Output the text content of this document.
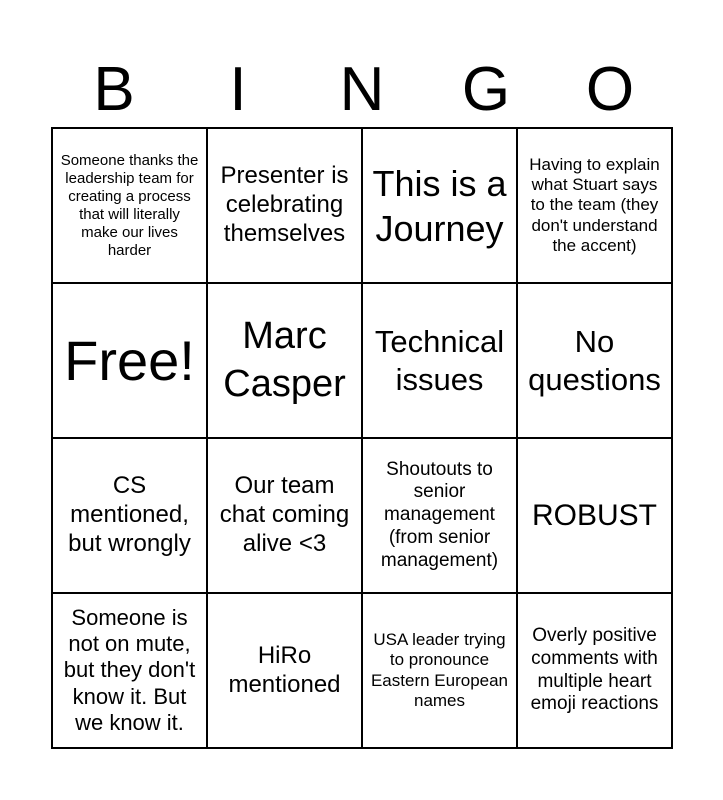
B	I	N	G	O
Someone thanks the leadership team for creating a process that will literally make our lives harder
Presenter is celebrating themselves
This is a Journey
Having to explain what Stuart says to the team (they don't understand the accent)
Free!	Marc Casper
Technical issues
No questions
CS mentioned, but wrongly
Our team chat coming alive <3
Shoutouts to senior management (from senior management)
ROBUST
Someone is not on mute, but they don't know it. But we know it.
HiRo mentioned
USA leader trying to pronounce Eastern European names
Overly positive comments with multiple heart emoji reactions
